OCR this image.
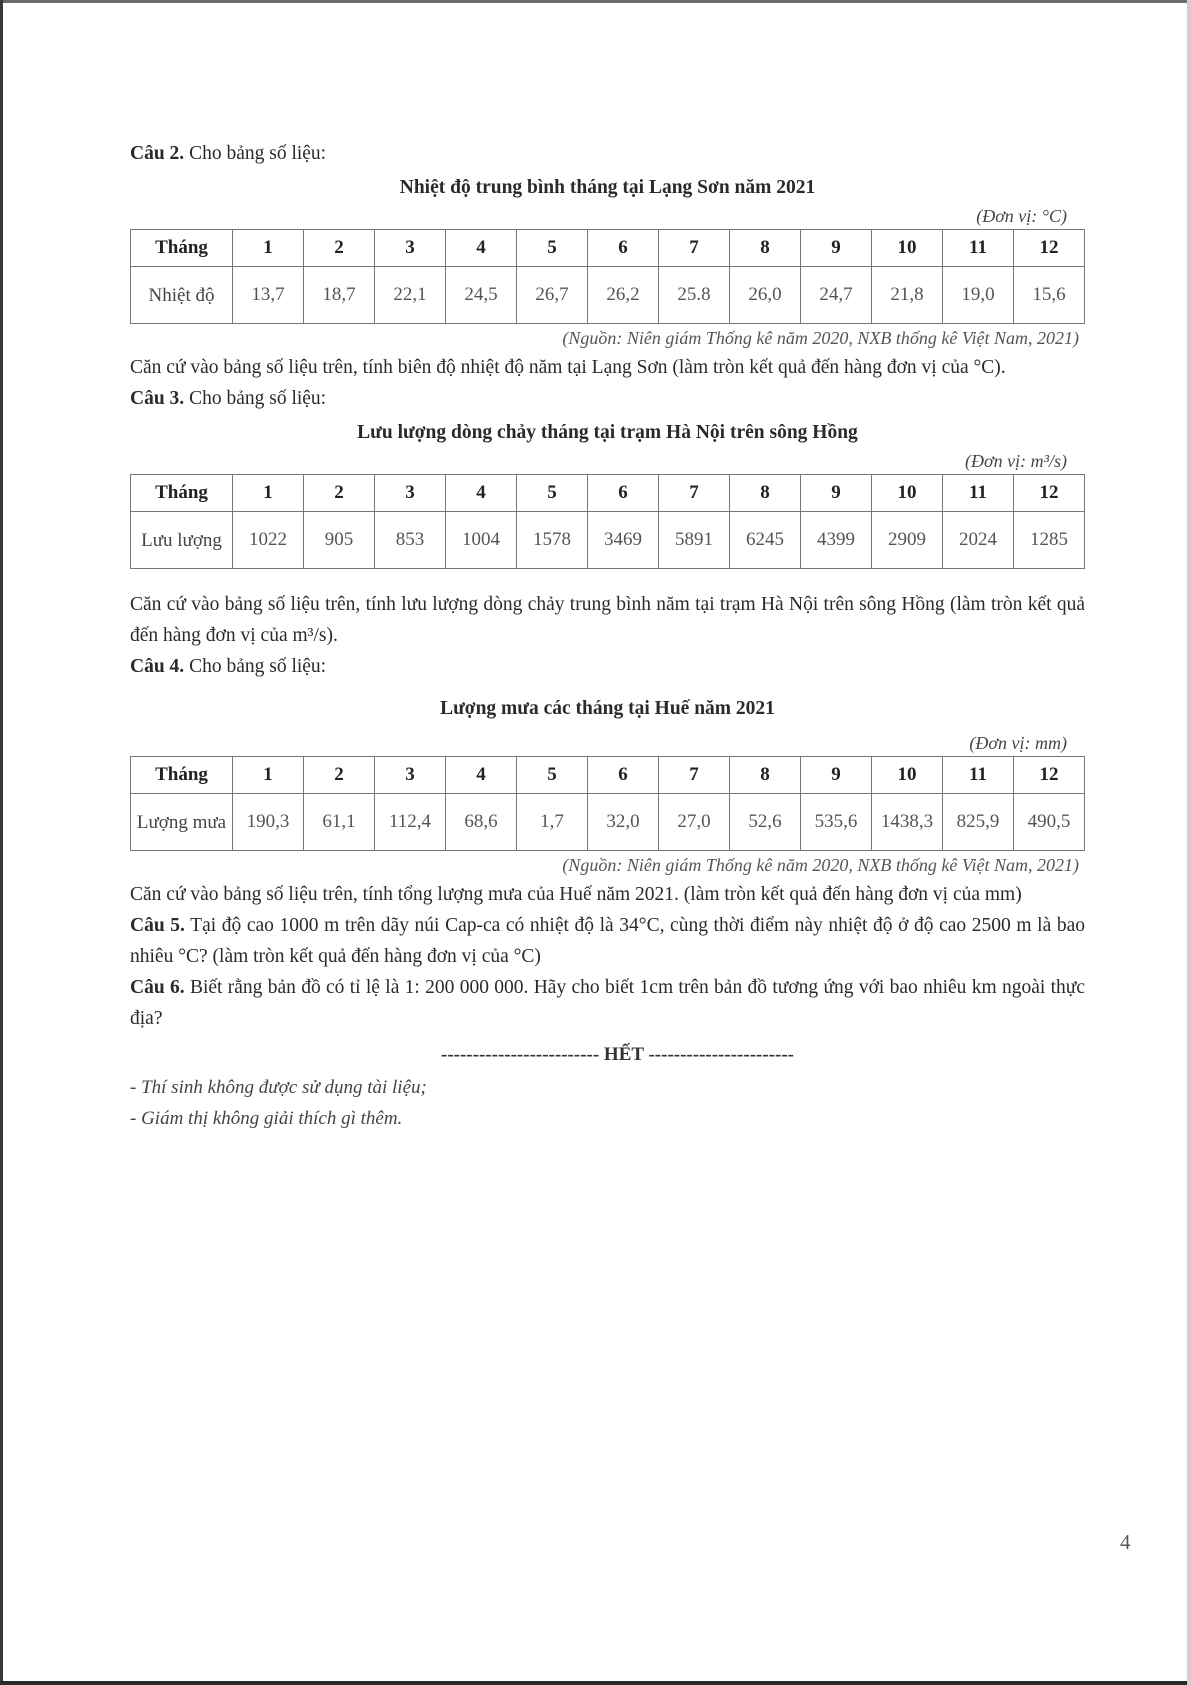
Câu 2. Cho bảng số liệu:

Nhiệt độ trung bình tháng tại Lạng Sơn năm 2021

(Đơn vị: °C)

Tháng	1	2	3	4	5	6	7	8	9	10	11	12
Nhiệt độ	13,7	18,7	22,1	24,5	26,7	26,2	25.8	26,0	24,7	21,8	19,0	15,6

(Nguồn: Niên giám Thống kê năm 2020, NXB thống kê Việt Nam, 2021)

Căn cứ vào bảng số liệu trên, tính biên độ nhiệt độ năm tại Lạng Sơn (làm tròn kết quả đến hàng đơn vị của °C).

Câu 3. Cho bảng số liệu:

Lưu lượng dòng chảy tháng tại trạm Hà Nội trên sông Hồng

(Đơn vị: m³/s)

Tháng	1	2	3	4	5	6	7	8	9	10	11	12
Lưu lượng	1022	905	853	1004	1578	3469	5891	6245	4399	2909	2024	1285

Căn cứ vào bảng số liệu trên, tính lưu lượng dòng chảy trung bình năm tại trạm Hà Nội trên sông Hồng (làm tròn kết quả đến hàng đơn vị của m³/s).

Câu 4. Cho bảng số liệu:

Lượng mưa các tháng tại Huế năm 2021

(Đơn vị: mm)

Tháng	1	2	3	4	5	6	7	8	9	10	11	12
Lượng mưa	190,3	61,1	112,4	68,6	1,7	32,0	27,0	52,6	535,6	1438,3	825,9	490,5

(Nguồn: Niên giám Thống kê năm 2020, NXB thống kê Việt Nam, 2021)

Căn cứ vào bảng số liệu trên, tính tổng lượng mưa của Huế năm 2021. (làm tròn kết quả đến hàng đơn vị của mm)

Câu 5. Tại độ cao 1000 m trên dãy núi Cap-ca có nhiệt độ là 34°C, cùng thời điểm này nhiệt độ ở độ cao 2500 m là bao nhiêu °C? (làm tròn kết quả đến hàng đơn vị của °C)

Câu 6. Biết rằng bản đồ có tỉ lệ là 1: 200 000 000. Hãy cho biết 1cm trên bản đồ tương ứng với bao nhiêu km ngoài thực địa?

------------------------- HẾT -----------------------

- Thí sinh không được sử dụng tài liệu;

- Giám thị không giải thích gì thêm.

4
